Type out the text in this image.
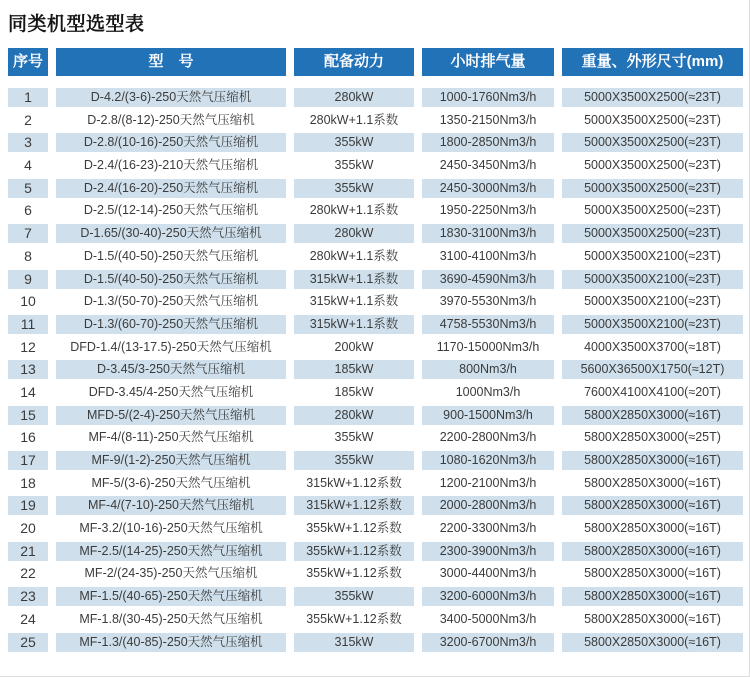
同类机型选型表
序号	型　号	配备动力	小时排气量	重量、外形尺寸(mm)
1	D-4.2/(3-6)-250天然气压缩机	280kW	1000-1760Nm3/h	5000X3500X2500(≈23T)
2	D-2.8/(8-12)-250天然气压缩机	280kW+1.1系数	1350-2150Nm3/h	5000X3500X2500(≈23T)
3	D-2.8/(10-16)-250天然气压缩机	355kW	1800-2850Nm3/h	5000X3500X2500(≈23T)
4	D-2.4/(16-23)-210天然气压缩机	355kW	2450-3450Nm3/h	5000X3500X2500(≈23T)
5	D-2.4/(16-20)-250天然气压缩机	355kW	2450-3000Nm3/h	5000X3500X2500(≈23T)
6	D-2.5/(12-14)-250天然气压缩机	280kW+1.1系数	1950-2250Nm3/h	5000X3500X2500(≈23T)
7	D-1.65/(30-40)-250天然气压缩机	280kW	1830-3100Nm3/h	5000X3500X2500(≈23T)
8	D-1.5/(40-50)-250天然气压缩机	280kW+1.1系数	3100-4100Nm3/h	5000X3500X2100(≈23T)
9	D-1.5/(40-50)-250天然气压缩机	315kW+1.1系数	3690-4590Nm3/h	5000X3500X2100(≈23T)
10	D-1.3/(50-70)-250天然气压缩机	315kW+1.1系数	3970-5530Nm3/h	5000X3500X2100(≈23T)
11	D-1.3/(60-70)-250天然气压缩机	315kW+1.1系数	4758-5530Nm3/h	5000X3500X2100(≈23T)
12	DFD-1.4/(13-17.5)-250天然气压缩机	200kW	1170-15000Nm3/h	4000X3500X3700(≈18T)
13	D-3.45/3-250天然气压缩机	185kW	800Nm3/h	5600X36500X1750(≈12T)
14	DFD-3.45/4-250天然气压缩机	185kW	1000Nm3/h	7600X4100X4100(≈20T)
15	MFD-5/(2-4)-250天然气压缩机	280kW	900-1500Nm3/h	5800X2850X3000(≈16T)
16	MF-4/(8-11)-250天然气压缩机	355kW	2200-2800Nm3/h	5800X2850X3000(≈25T)
17	MF-9/(1-2)-250天然气压缩机	355kW	1080-1620Nm3/h	5800X2850X3000(≈16T)
18	MF-5/(3-6)-250天然气压缩机	315kW+1.12系数	1200-2100Nm3/h	5800X2850X3000(≈16T)
19	MF-4/(7-10)-250天然气压缩机	315kW+1.12系数	2000-2800Nm3/h	5800X2850X3000(≈16T)
20	MF-3.2/(10-16)-250天然气压缩机	355kW+1.12系数	2200-3300Nm3/h	5800X2850X3000(≈16T)
21	MF-2.5/(14-25)-250天然气压缩机	355kW+1.12系数	2300-3900Nm3/h	5800X2850X3000(≈16T)
22	MF-2/(24-35)-250天然气压缩机	355kW+1.12系数	3000-4400Nm3/h	5800X2850X3000(≈16T)
23	MF-1.5/(40-65)-250天然气压缩机	355kW	3200-6000Nm3/h	5800X2850X3000(≈16T)
24	MF-1.8/(30-45)-250天然气压缩机	355kW+1.12系数	3400-5000Nm3/h	5800X2850X3000(≈16T)
25	MF-1.3/(40-85)-250天然气压缩机	315kW	3200-6700Nm3/h	5800X2850X3000(≈16T)
